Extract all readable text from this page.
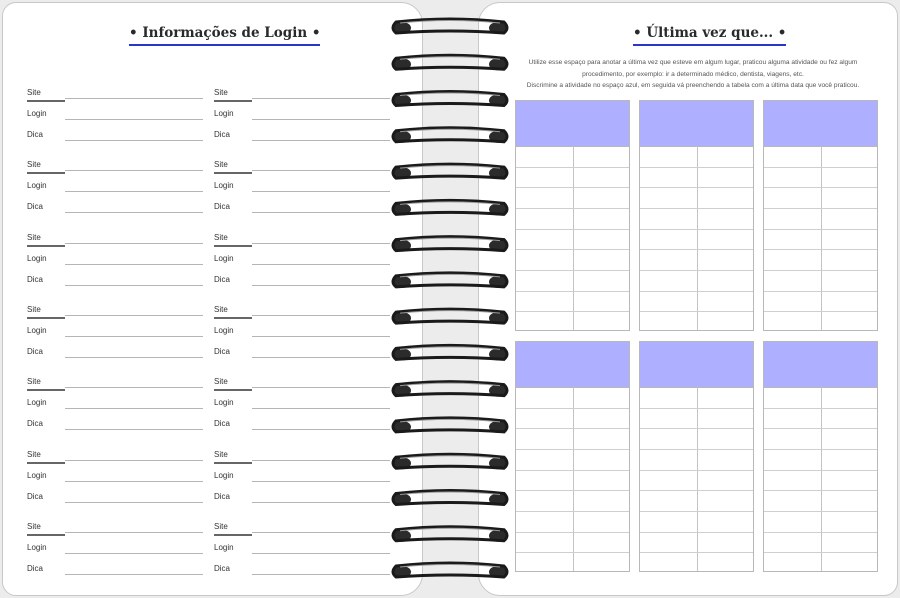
• Informações de Login •
Site
Login
Dica
Site
Login
Dica
Site
Login
Dica
Site
Login
Dica
Site
Login
Dica
Site
Login
Dica
Site
Login
Dica
Site
Login
Dica
Site
Login
Dica
Site
Login
Dica
Site
Login
Dica
Site
Login
Dica
Site
Login
Dica
Site
Login
Dica
• Última vez que... •

Utilize esse espaço para anotar a última vez que esteve em algum lugar, praticou alguma atividade ou fez algum

procedimento, por exemplo: ir a determinado médico, dentista, viagens, etc.

Discrimine a atividade no espaço azul, em seguida vá preenchendo a tabela com a última data que você praticou.
